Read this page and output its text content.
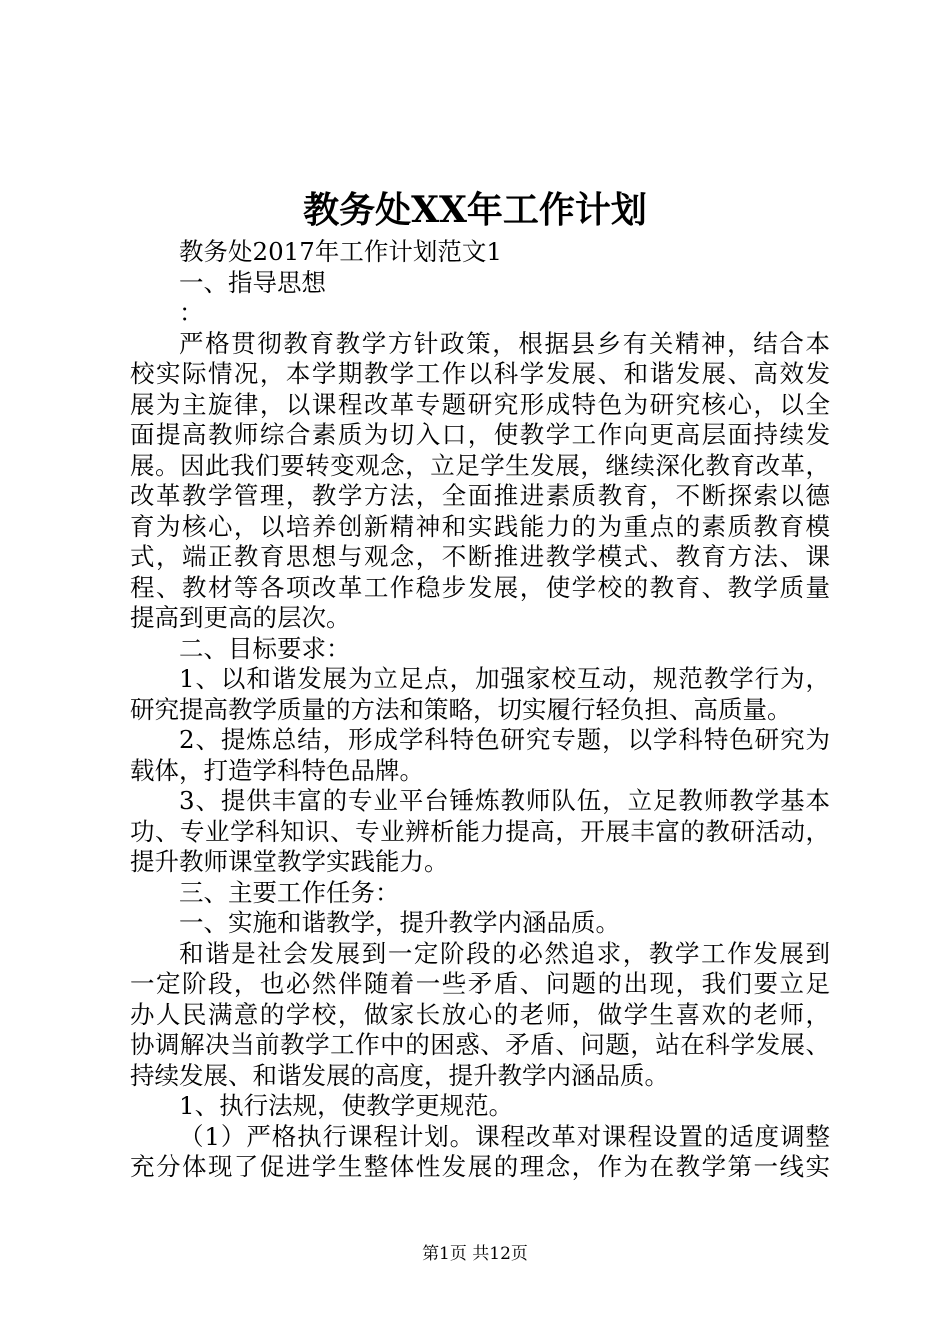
教务处XX年工作计划
教务处2017年工作计划范文1
一、指导思想
：
严格贯彻教育教学方针政策，根据县乡有关精神，结合本
校实际情况，本学期教学工作以科学发展、和谐发展、高效发
展为主旋律，以课程改革专题研究形成特色为研究核心，以全
面提高教师综合素质为切入口，使教学工作向更高层面持续发
展。因此我们要转变观念，立足学生发展，继续深化教育改革，
改革教学管理，教学方法，全面推进素质教育，不断探索以德
育为核心，以培养创新精神和实践能力的为重点的素质教育模
式，端正教育思想与观念，不断推进教学模式、教育方法、课
程、教材等各项改革工作稳步发展，使学校的教育、教学质量
提高到更高的层次。
二、目标要求：
1、以和谐发展为立足点，加强家校互动，规范教学行为，
研究提高教学质量的方法和策略，切实履行轻负担、高质量。
2、提炼总结，形成学科特色研究专题，以学科特色研究为
载体，打造学科特色品牌。
3、提供丰富的专业平台锤炼教师队伍，立足教师教学基本
功、专业学科知识、专业辨析能力提高，开展丰富的教研活动，
提升教师课堂教学实践能力。
三、主要工作任务：
一、实施和谐教学，提升教学内涵品质。
和谐是社会发展到一定阶段的必然追求，教学工作发展到
一定阶段，也必然伴随着一些矛盾、问题的出现，我们要立足
办人民满意的学校，做家长放心的老师，做学生喜欢的老师，
协调解决当前教学工作中的困惑、矛盾、问题，站在科学发展、
持续发展、和谐发展的高度，提升教学内涵品质。
1、执行法规，使教学更规范。
（1）严格执行课程计划。课程改革对课程设置的适度调整
充分体现了促进学生整体性发展的理念，作为在教学第一线实
第1页 共12页
